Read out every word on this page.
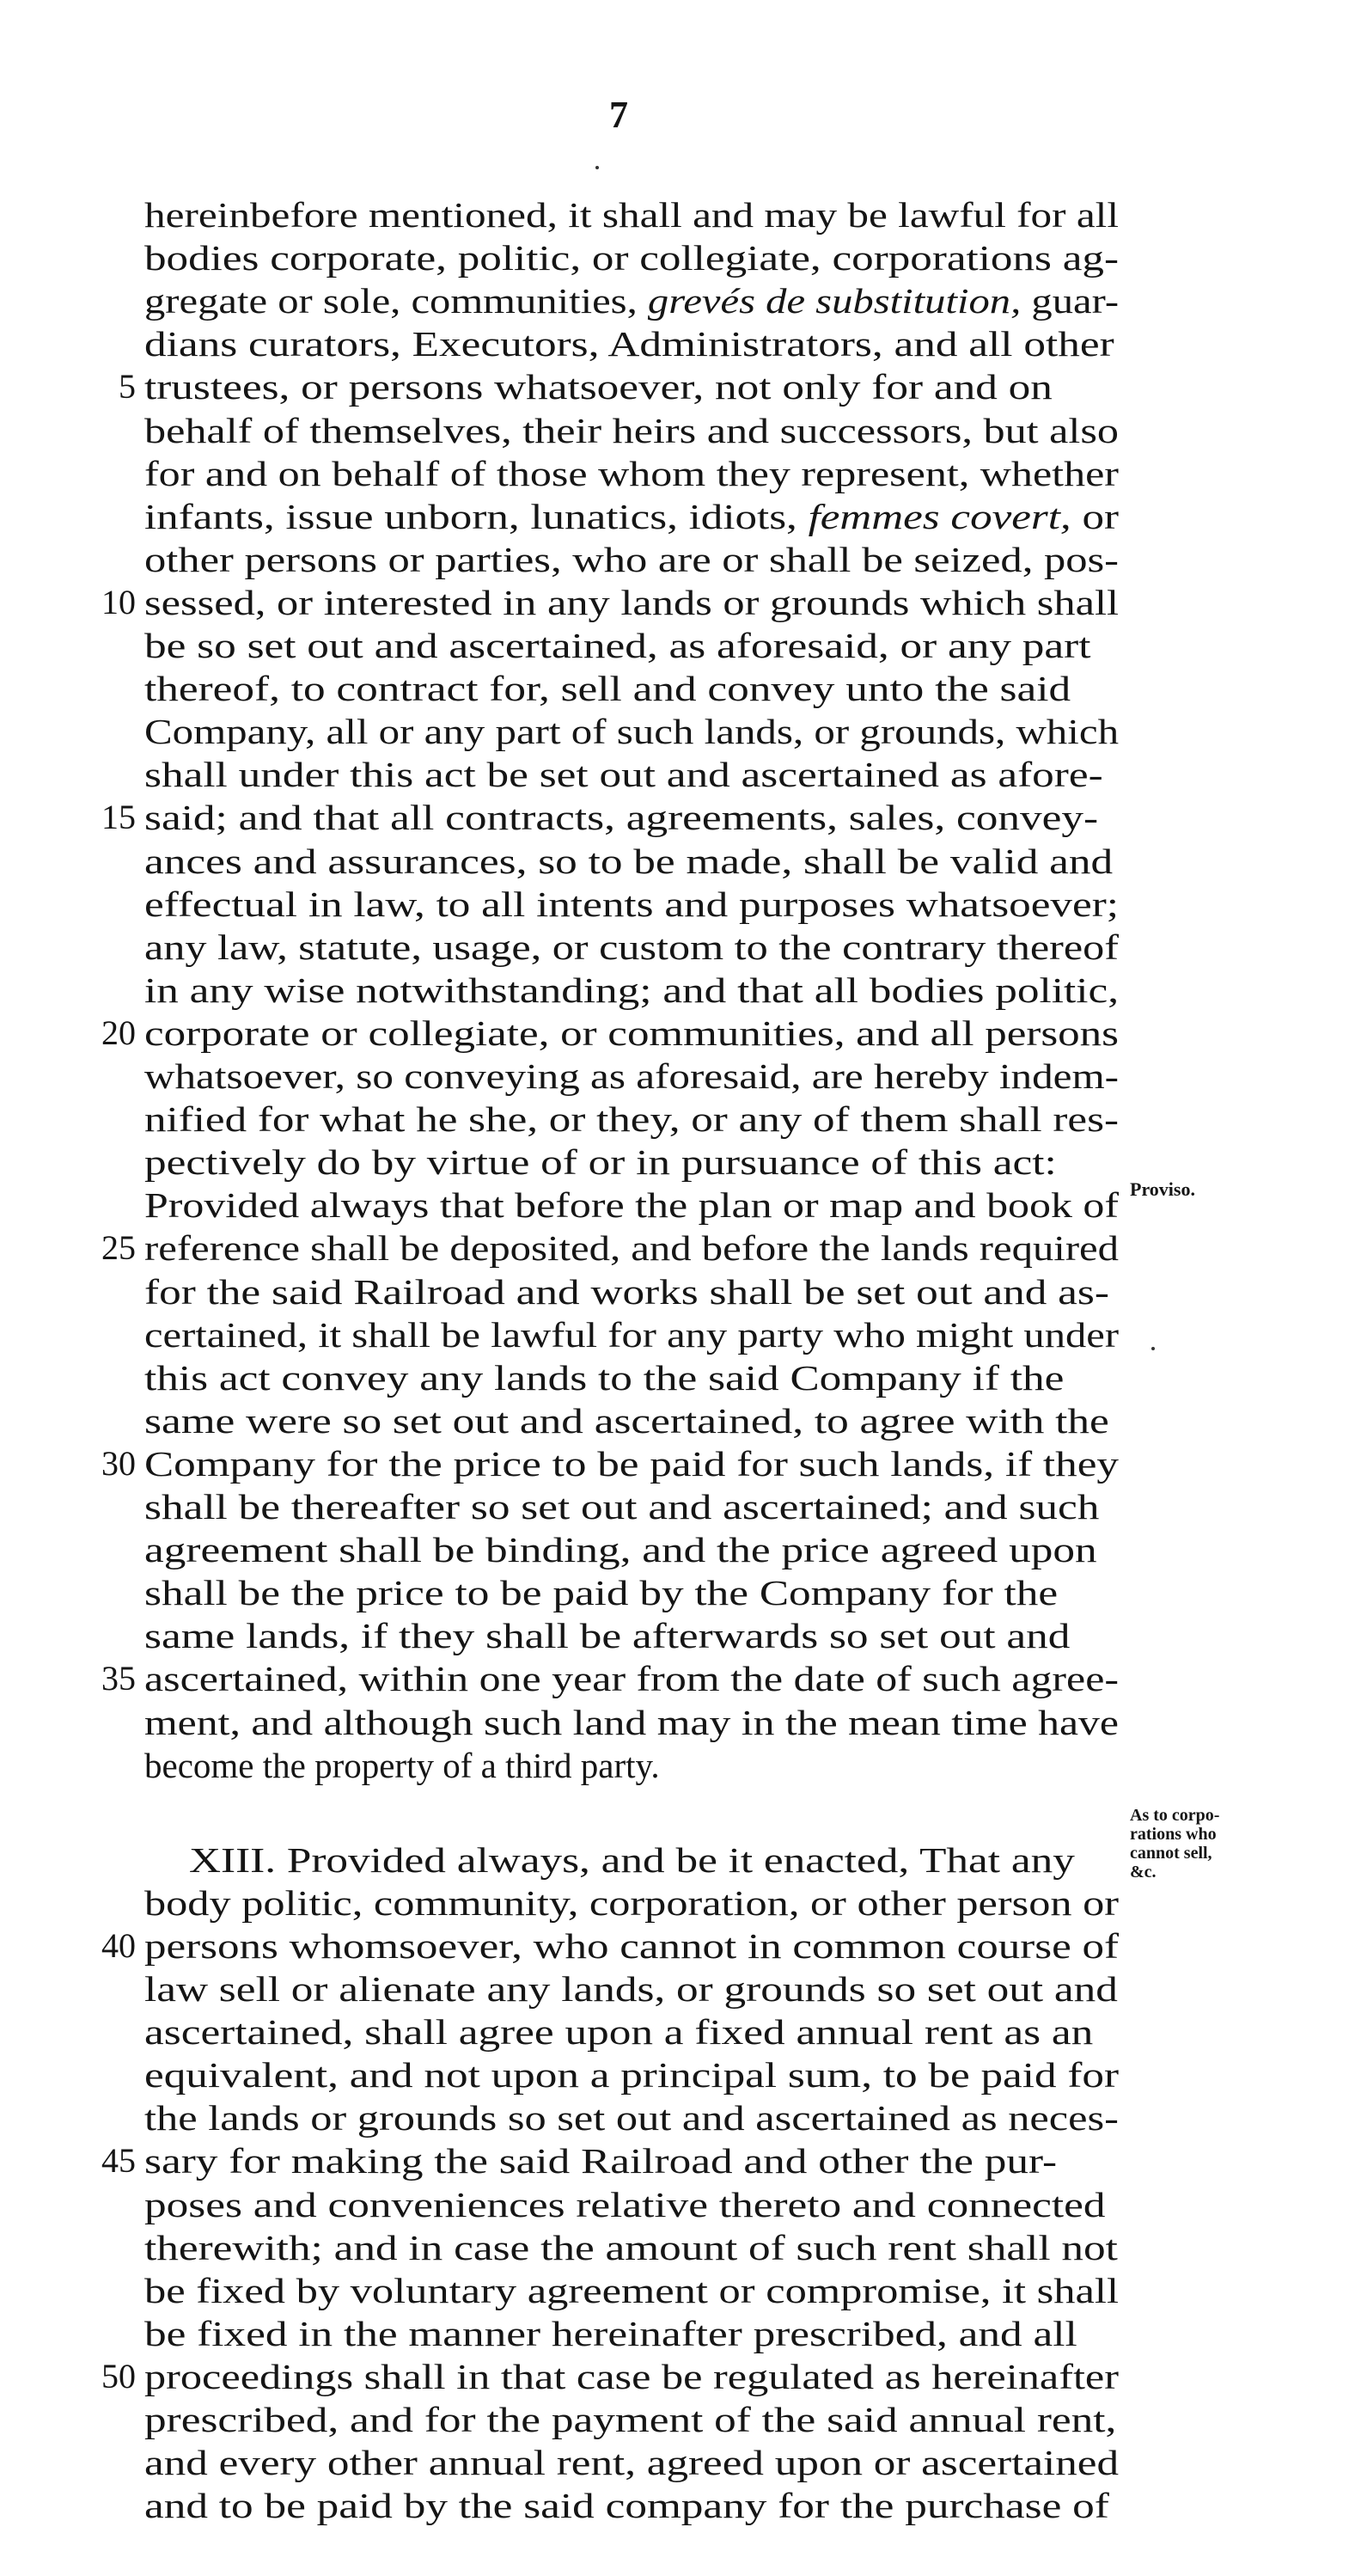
7
hereinbefore mentioned, it shall and may be lawful for all
bodies corporate, politic, or collegiate, corporations ag-
gregate or sole, communities, grevés de substitution, guar-
dians curators, Executors, Administrators, and all other
trustees, or persons whatsoever, not only for and on
5
behalf of themselves, their heirs and successors, but also
for and on behalf of those whom they represent, whether
infants, issue unborn, lunatics, idiots, femmes covert, or
other persons or parties, who are or shall be seized, pos-
sessed, or interested in any lands or grounds which shall
10
be so set out and ascertained, as aforesaid, or any part
thereof, to contract for, sell and convey unto the said
Company, all or any part of such lands, or grounds, which
shall under this act be set out and ascertained as afore-
said; and that all contracts, agreements, sales, convey-
15
ances and assurances, so to be made, shall be valid and
effectual in law, to all intents and purposes whatsoever;
any law, statute, usage, or custom to the contrary thereof
in any wise notwithstanding; and that all bodies politic,
corporate or collegiate, or communities, and all persons
20
whatsoever, so conveying as aforesaid, are hereby indem-
nified for what he she, or they, or any of them shall res-
pectively do by virtue of or in pursuance of this act:
Provided always that before the plan or map and book of
reference shall be deposited, and before the lands required
25
for the said Railroad and works shall be set out and as-
certained, it shall be lawful for any party who might under
this act convey any lands to the said Company if the
same were so set out and ascertained, to agree with the
Company for the price to be paid for such lands, if they
30
shall be thereafter so set out and ascertained; and such
agreement shall be binding, and the price agreed upon
shall be the price to be paid by the Company for the
same lands, if they shall be afterwards so set out and
ascertained, within one year from the date of such agree-
35
ment, and although such land may in the mean time have
become the property of a third party.
XIII. Provided always, and be it enacted, That any
body politic, community, corporation, or other person or
persons whomsoever, who cannot in common course of
40
law sell or alienate any lands, or grounds so set out and
ascertained, shall agree upon a fixed annual rent as an
equivalent, and not upon a principal sum, to be paid for
the lands or grounds so set out and ascertained as neces-
sary for making the said Railroad and other the pur-
45
poses and conveniences relative thereto and connected
therewith; and in case the amount of such rent shall not
be fixed by voluntary agreement or compromise, it shall
be fixed in the manner hereinafter prescribed, and all
proceedings shall in that case be regulated as hereinafter
50
prescribed, and for the payment of the said annual rent,
and every other annual rent, agreed upon or ascertained
and to be paid by the said company for the purchase of
Proviso.
As to corpo-
rations who
cannot sell,
&c.
